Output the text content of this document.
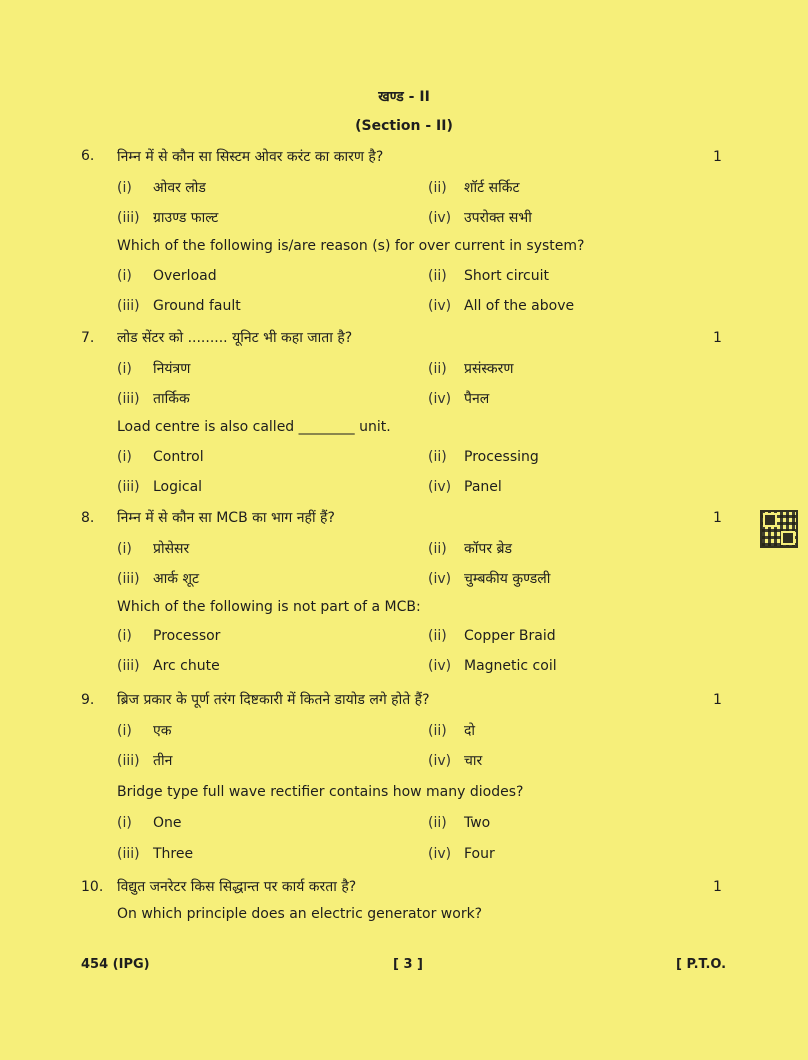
खण्ड - II
(Section - II)
6. निम्न में से कौन सा सिस्टम ओवर करंट का कारण है?	1
(i) ओवर लोड	(ii) शॉर्ट सर्किट
(iii) ग्राउण्ड फाल्ट	(iv) उपरोक्त सभी
Which of the following is/are reason (s) for over current in system?
(i) Overload	(ii) Short circuit
(iii) Ground fault	(iv) All of the above
7. लोड सेंटर को ......... यूनिट भी कहा जाता है?	1
(i) नियंत्रण	(ii) प्रसंस्करण
(iii) तार्किक	(iv) पैनल
Load centre is also called ________ unit.
(i) Control	(ii) Processing
(iii) Logical	(iv) Panel
8. निम्न में से कौन सा MCB का भाग नहीं हैं?	1
(i) प्रोसेसर	(ii) कॉपर ब्रेड
(iii) आर्क शूट	(iv) चुम्बकीय कुण्डली
Which of the following is not part of a MCB:
(i) Processor	(ii) Copper Braid
(iii) Arc chute	(iv) Magnetic coil
9. ब्रिज प्रकार के पूर्ण तरंग दिष्टकारी में कितने डायोड लगे होते हैं?	1
(i) एक	(ii) दो
(iii) तीन	(iv) चार
Bridge type full wave rectifier contains how many diodes?
(i) One	(ii) Two
(iii) Three	(iv) Four
10. विद्युत जनरेटर किस सिद्धान्त पर कार्य करता है?	1
On which principle does an electric generator work?
454 (IPG)	[ 3 ]	[ P.T.O.
